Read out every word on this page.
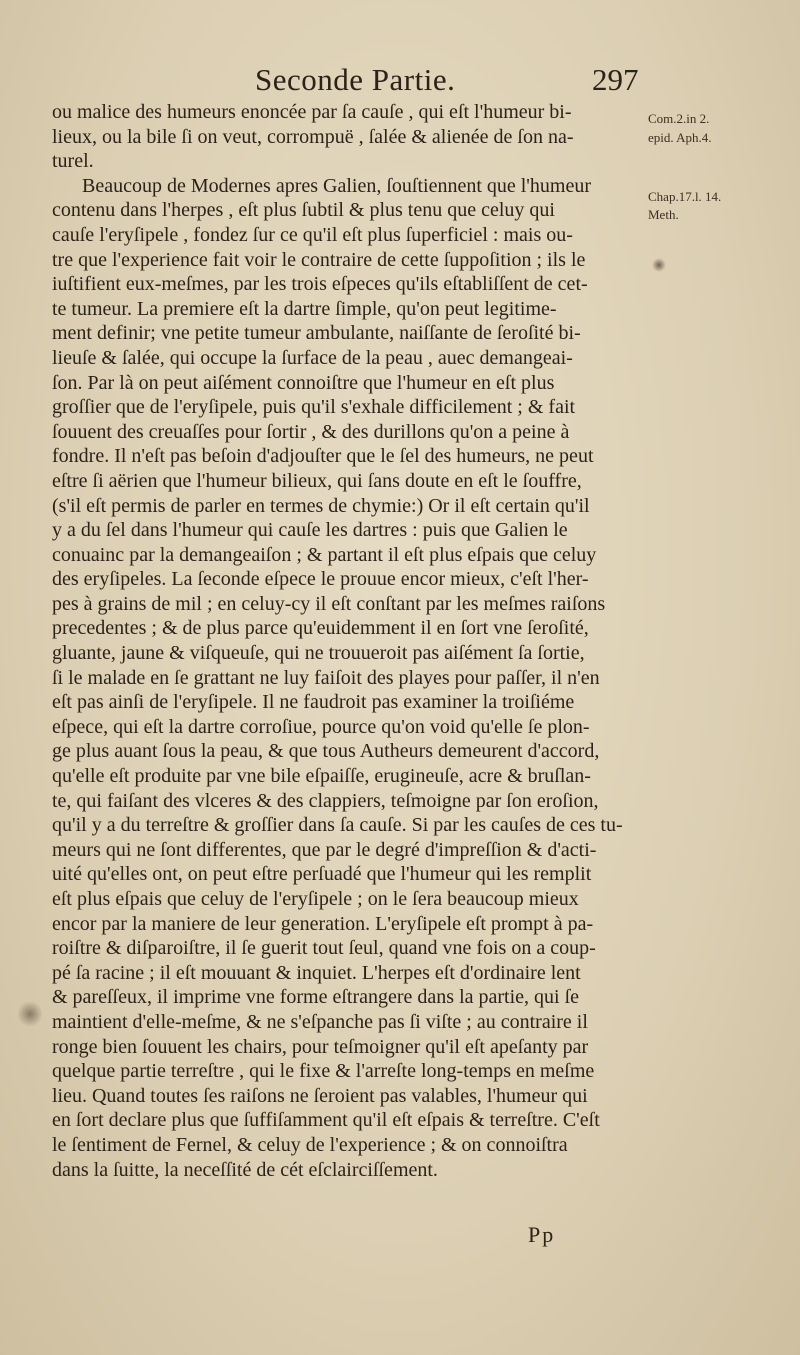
Seconde Partie.	297
ou malice des humeurs enoncée par ſa cauſe , qui eſt l'humeur bi-
lieux, ou la bile ſi on veut, corrompuë , ſalée & alienée de ſon na-
turel.
Beaucoup de Modernes apres Galien, ſouſtiennent que l'humeur
contenu dans l'herpes , eſt plus ſubtil & plus tenu que celuy qui
cauſe l'eryſipele , fondez ſur ce qu'il eſt plus ſuperficiel : mais ou-
tre que l'experience fait voir le contraire de cette ſuppoſition ; ils le
iuſtifient eux-meſmes, par les trois eſpeces qu'ils eſtabliſſent de cet-
te tumeur. La premiere eſt la dartre ſimple, qu'on peut legitime-
ment definir; vne petite tumeur ambulante, naiſſante de ſeroſité bi-
lieuſe & ſalée, qui occupe la ſurface de la peau , auec demangeai-
ſon. Par là on peut aiſément connoiſtre que l'humeur en eſt plus
groſſier que de l'eryſipele, puis qu'il s'exhale difficilement ; & fait
ſouuent des creuaſſes pour ſortir , & des durillons qu'on a peine à
fondre. Il n'eſt pas beſoin d'adjouſter que le ſel des humeurs, ne peut
eſtre ſi aërien que l'humeur bilieux, qui ſans doute en eſt le ſouffre,
(s'il eſt permis de parler en termes de chymie:) Or il eſt certain qu'il
y a du ſel dans l'humeur qui cauſe les dartres : puis que Galien le
conuainc par la demangeaiſon ; & partant il eſt plus eſpais que celuy
des eryſipeles. La ſeconde eſpece le prouue encor mieux, c'eſt l'her-
pes à grains de mil ; en celuy-cy il eſt conſtant par les meſmes raiſons
precedentes ; & de plus parce qu'euidemment il en ſort vne ſeroſité,
gluante, jaune & viſqueuſe, qui ne trouueroit pas aiſément ſa ſortie,
ſi le malade en ſe grattant ne luy faiſoit des playes pour paſſer, il n'en
eſt pas ainſi de l'eryſipele. Il ne faudroit pas examiner la troiſiéme
eſpece, qui eſt la dartre corroſiue, pource qu'on void qu'elle ſe plon-
ge plus auant ſous la peau, & que tous Autheurs demeurent d'accord,
qu'elle eſt produite par vne bile eſpaiſſe, erugineuſe, acre & bruſlan-
te, qui faiſant des vlceres & des clappiers, teſmoigne par ſon eroſion,
qu'il y a du terreſtre & groſſier dans ſa cauſe. Si par les cauſes de ces tu-
meurs qui ne ſont differentes, que par le degré d'impreſſion & d'acti-
uité qu'elles ont, on peut eſtre perſuadé que l'humeur qui les remplit
eſt plus eſpais que celuy de l'eryſipele ; on le ſera beaucoup mieux
encor par la maniere de leur generation. L'eryſipele eſt prompt à pa-
roiſtre & diſparoiſtre, il ſe guerit tout ſeul, quand vne fois on a coup-
pé ſa racine ; il eſt mouuant & inquiet. L'herpes eſt d'ordinaire lent
& pareſſeux, il imprime vne forme eſtrangere dans la partie, qui ſe
maintient d'elle-meſme, & ne s'eſpanche pas ſi viſte ; au contraire il
ronge bien ſouuent les chairs, pour teſmoigner qu'il eſt apeſanty par
quelque partie terreſtre , qui le fixe & l'arreſte long-temps en meſme
lieu. Quand toutes ſes raiſons ne ſeroient pas valables, l'humeur qui
en ſort declare plus que ſuffiſamment qu'il eſt eſpais & terreſtre. C'eſt
le ſentiment de Fernel, & celuy de l'experience ; & on connoiſtra
dans la ſuitte, la neceſſité de cét eſclairciſſement.
Com.2.in 2.
epid. Aph.4.
Chap.17.l. 14.
Meth.
Pp
